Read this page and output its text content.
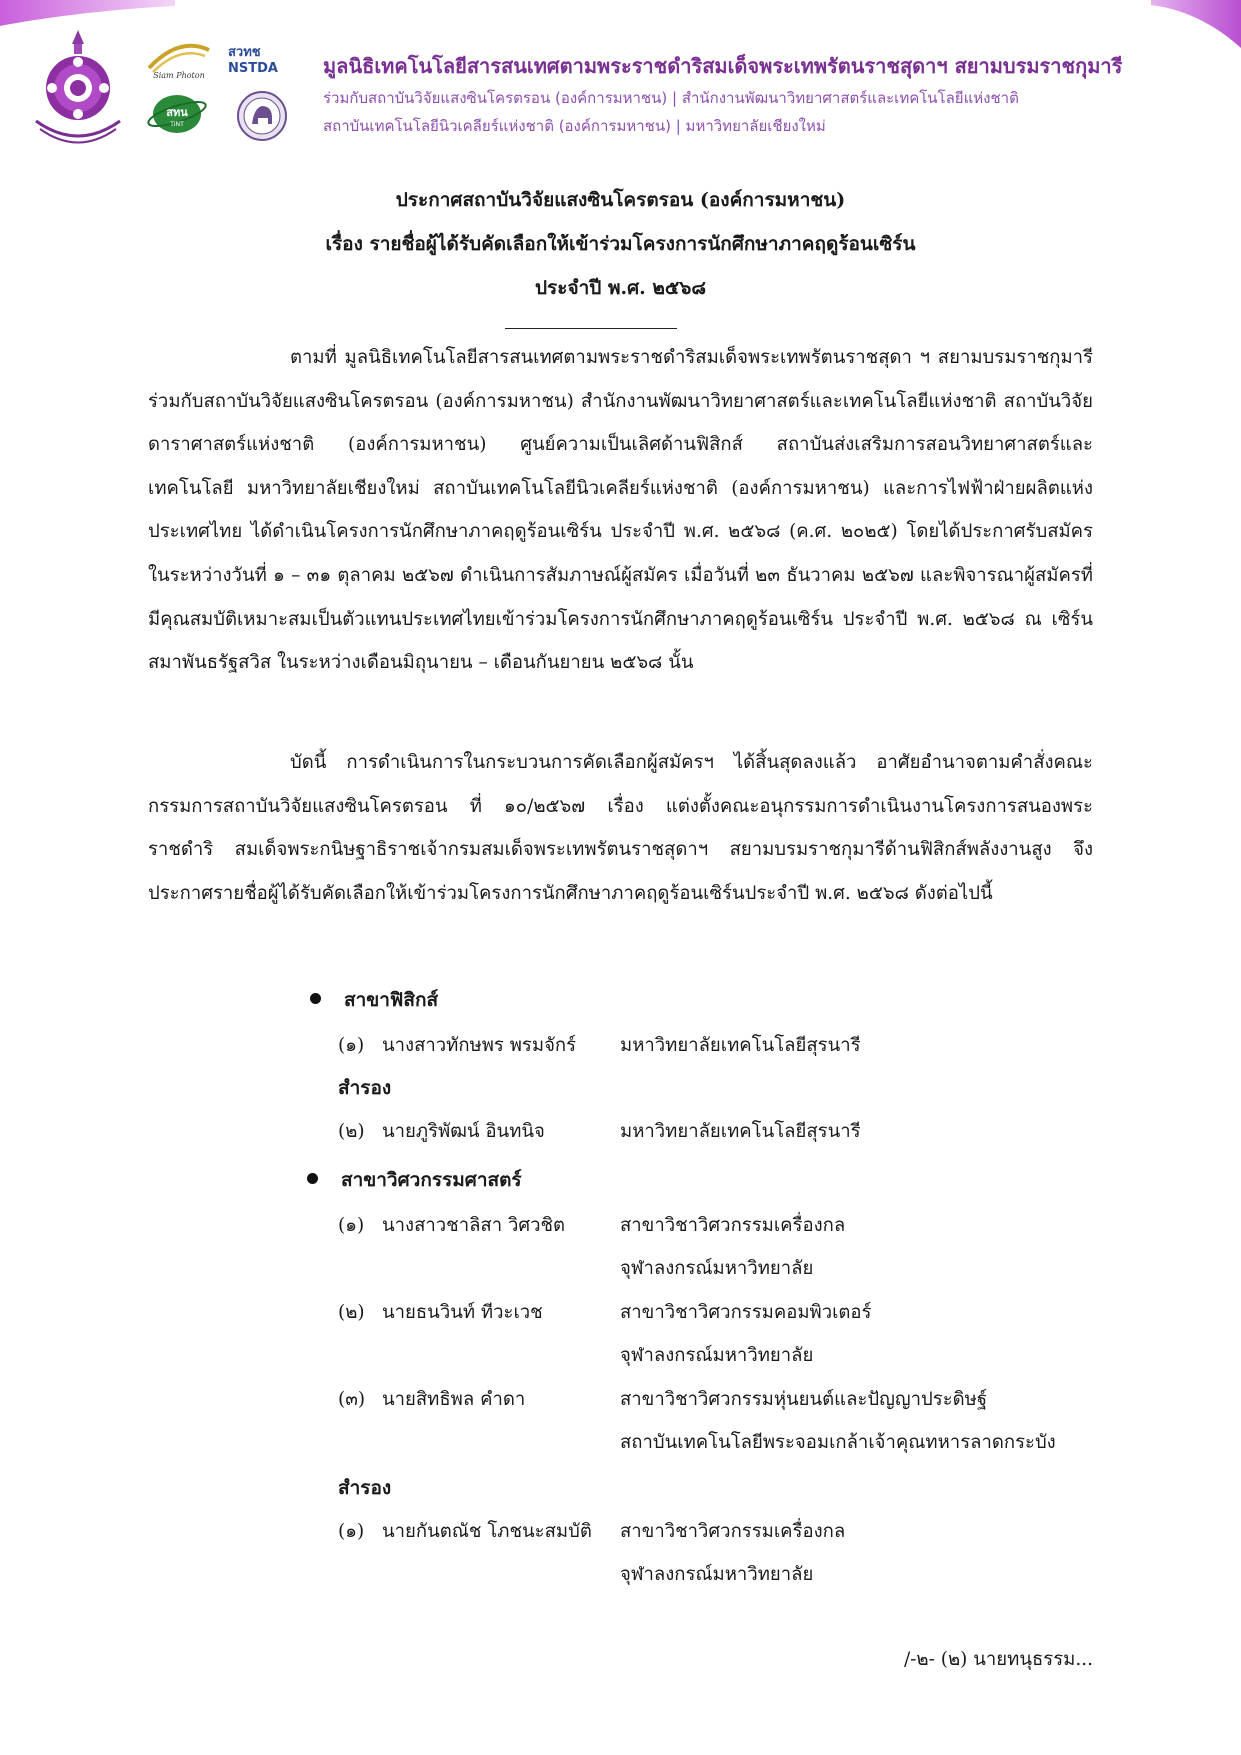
Siam Photon
สวทช
NSTDA
สทน
TINT
มูลนิธิเทคโนโลยีสารสนเทศตามพระราชดำริสมเด็จพระเทพรัตนราชสุดาฯ สยามบรมราชกุมารี
ร่วมกับสถาบันวิจัยแสงซินโครตรอน (องค์การมหาชน) | สำนักงานพัฒนาวิทยาศาสตร์และเทคโนโลยีแห่งชาติ
สถาบันเทคโนโลยีนิวเคลียร์แห่งชาติ (องค์การมหาชน) | มหาวิทยาลัยเชียงใหม่
ประกาศสถาบันวิจัยแสงซินโครตรอน (องค์การมหาชน)
เรื่อง รายชื่อผู้ได้รับคัดเลือกให้เข้าร่วมโครงการนักศึกษาภาคฤดูร้อนเซิร์น
ประจำปี พ.ศ. ๒๕๖๘
ตามที่ มูลนิธิเทคโนโลยีสารสนเทศตามพระราชดำริสมเด็จพระเทพรัตนราชสุดา ฯ สยามบรมราชกุมารี ร่วมกับสถาบันวิจัยแสงซินโครตรอน (องค์การมหาชน) สำนักงานพัฒนาวิทยาศาสตร์และเทคโนโลยีแห่งชาติ สถาบันวิจัยดาราศาสตร์แห่งชาติ (องค์การมหาชน) ศูนย์ความเป็นเลิศด้านฟิสิกส์ สถาบันส่งเสริมการสอนวิทยาศาสตร์และเทคโนโลยี มหาวิทยาลัยเชียงใหม่ สถาบันเทคโนโลยีนิวเคลียร์แห่งชาติ (องค์การมหาชน) และการไฟฟ้าฝ่ายผลิตแห่งประเทศไทย ได้ดำเนินโครงการนักศึกษาภาคฤดูร้อนเซิร์น ประจำปี พ.ศ. ๒๕๖๘ (ค.ศ. ๒๐๒๕) โดยได้ประกาศรับสมัคร ในระหว่างวันที่ ๑ – ๓๑ ตุลาคม ๒๕๖๗ ดำเนินการสัมภาษณ์ผู้สมัคร เมื่อวันที่ ๒๓ ธันวาคม ๒๕๖๗ และพิจารณาผู้สมัครที่มีคุณสมบัติเหมาะสมเป็นตัวแทนประเทศไทยเข้าร่วมโครงการนักศึกษาภาคฤดูร้อนเซิร์น ประจำปี พ.ศ. ๒๕๖๘ ณ เซิร์น สมาพันธรัฐสวิส ในระหว่างเดือนมิถุนายน – เดือนกันยายน ๒๕๖๘ นั้น
บัดนี้ การดำเนินการในกระบวนการคัดเลือกผู้สมัครฯ ได้สิ้นสุดลงแล้ว อาศัยอำนาจตามคำสั่งคณะกรรมการสถาบันวิจัยแสงซินโครตรอน ที่ ๑๐/๒๕๖๗ เรื่อง แต่งตั้งคณะอนุกรรมการดำเนินงานโครงการสนองพระราชดำริ สมเด็จพระกนิษฐาธิราชเจ้ากรมสมเด็จพระเทพรัตนราชสุดาฯ สยามบรมราชกุมารีด้านฟิสิกส์พลังงานสูง จึงประกาศรายชื่อผู้ได้รับคัดเลือกให้เข้าร่วมโครงการนักศึกษาภาคฤดูร้อนเซิร์นประจำปี พ.ศ. ๒๕๖๘ ดังต่อไปนี้
สาขาฟิสิกส์
(๑) นางสาวทักษพร พรมจักร์ มหาวิทยาลัยเทคโนโลยีสุรนารี
สำรอง
(๒) นายภูริพัฒน์ อินทนิจ	มหาวิทยาลัยเทคโนโลยีสุรนารี
สาขาวิศวกรรมศาสตร์
(๑) นางสาวชาลิสา วิศวชิต	สาขาวิชาวิศวกรรมเครื่องกล
จุฬาลงกรณ์มหาวิทยาลัย
(๒) นายธนวินท์ ทีวะเวช	สาขาวิชาวิศวกรรมคอมพิวเตอร์
จุฬาลงกรณ์มหาวิทยาลัย
(๓) นายสิทธิพล คำดา	สาขาวิชาวิศวกรรมหุ่นยนต์และปัญญาประดิษฐ์
สถาบันเทคโนโลยีพระจอมเกล้าเจ้าคุณทหารลาดกระบัง
สำรอง
(๑) นายกันตณัช โภชนะสมบัติ สาขาวิชาวิศวกรรมเครื่องกล
จุฬาลงกรณ์มหาวิทยาลัย
/-๒- (๒) นายทนุธรรม...
